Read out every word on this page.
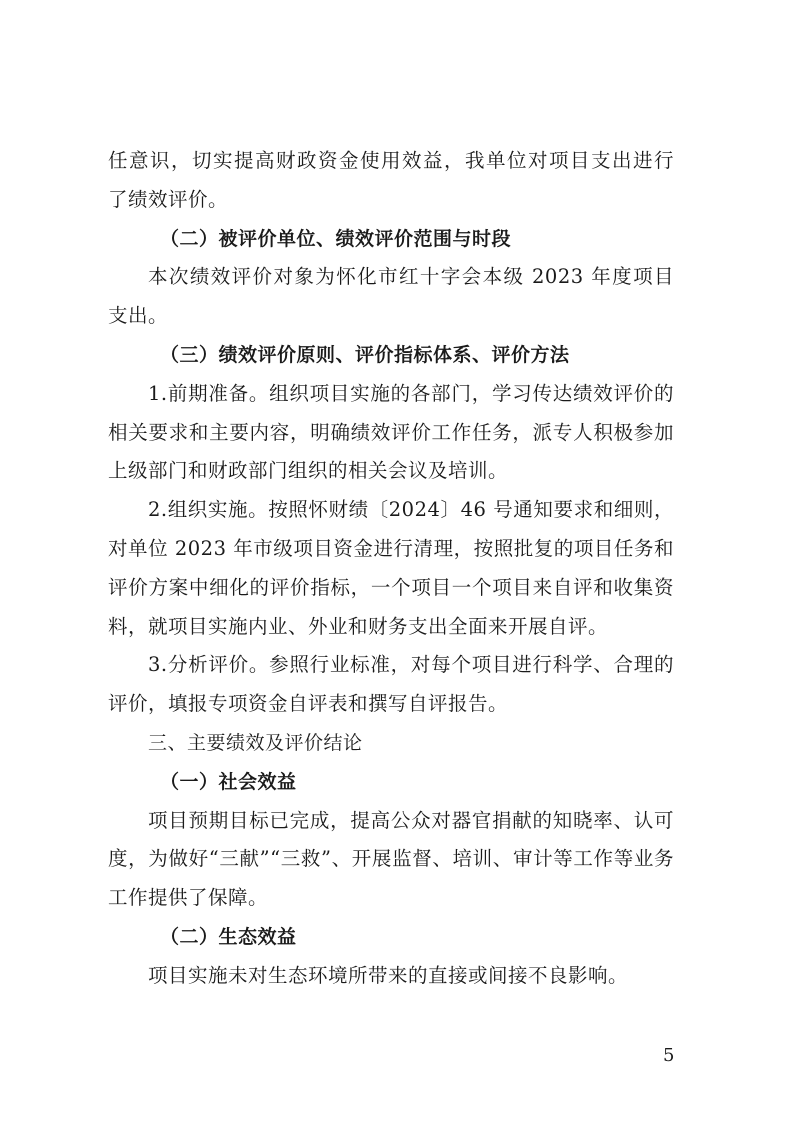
任意识，切实提高财政资金使用效益，我单位对项目支出进行

了绩效评价。

（二）被评价单位、绩效评价范围与时段

本次绩效评价对象为怀化市红十字会本级 2023 年度项目

支出。

（三）绩效评价原则、评价指标体系、评价方法

1.前期准备。组织项目实施的各部门，学习传达绩效评价的相关要求和主要内容，明确绩效评价工作任务，派专人积极参加上级部门和财政部门组织的相关会议及培训。

2.组织实施。按照怀财绩〔2024〕46 号通知要求和细则，对单位 2023 年市级项目资金进行清理，按照批复的项目任务和评价方案中细化的评价指标，一个项目一个项目来自评和收集资料，就项目实施内业、外业和财务支出全面来开展自评。

3.分析评价。参照行业标准，对每个项目进行科学、合理的评价，填报专项资金自评表和撰写自评报告。

三、主要绩效及评价结论

（一）社会效益

项目预期目标已完成，提高公众对器官捐献的知晓率、认可度，为做好“三献”“三救”、开展监督、培训、审计等工作等业务工作提供了保障。

（二）生态效益

项目实施未对生态环境所带来的直接或间接不良影响。

5
